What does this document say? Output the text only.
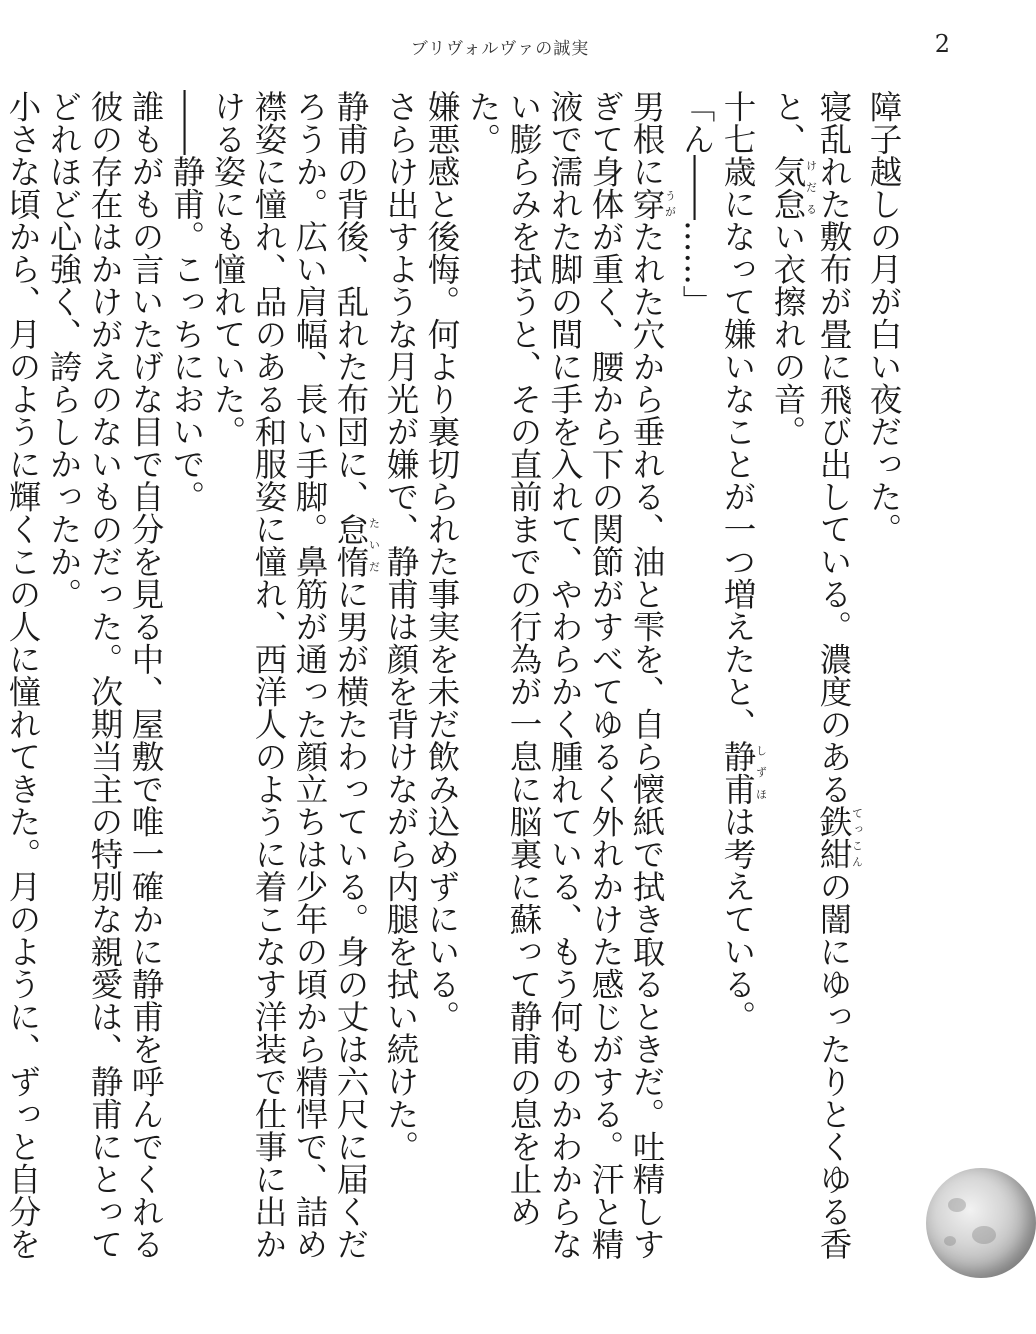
ブリヴォルヴァの誠実	2

障子越しの月が白い夜だった。

寝乱れた敷布が畳に飛び出している。濃度のある鉄紺てっこんの闇にゆったりとくゆる香と、気怠けだるい衣擦れの音。

十七歳になって嫌いなことが一つ増えたと、静甫しずほは考えている。

「ん――……」

男根に穿うがたれた穴から垂れる、油と雫を、自ら懐紙で拭き取るときだ。吐精しすぎて身体が重く、腰から下の関節がすべてゆるく外れかけた感じがする。汗と精液で濡れた脚の間に手を入れて、やわらかく腫れている、もう何ものかわからない膨らみを拭うと、その直前までの行為が一息に脳裏に蘇って静甫の息を止めた。

嫌悪感と後悔。何より裏切られた事実を未だ飲み込めずにいる。

さらけ出すような月光が嫌で、静甫は顔を背けながら内腿を拭い続けた。

静甫の背後、乱れた布団に、怠惰たいだに男が横たわっている。身の丈は六尺に届くだろうか。広い肩幅、長い手脚。鼻筋が通った顔立ちは少年の頃から精悍で、詰め襟姿に憧れ、品のある和服姿に憧れ、西洋人のように着こなす洋装で仕事に出かける姿にも憧れていた。

――静甫。こっちにおいで。

誰もがもの言いたげな目で自分を見る中、屋敷で唯一確かに静甫を呼んでくれる彼の存在はかけがえのないものだった。次期当主の特別な親愛は、静甫にとってどれほど心強く、誇らしかったか。

小さな頃から、月のように輝くこの人に憧れてきた。月のように、ずっと自分を
